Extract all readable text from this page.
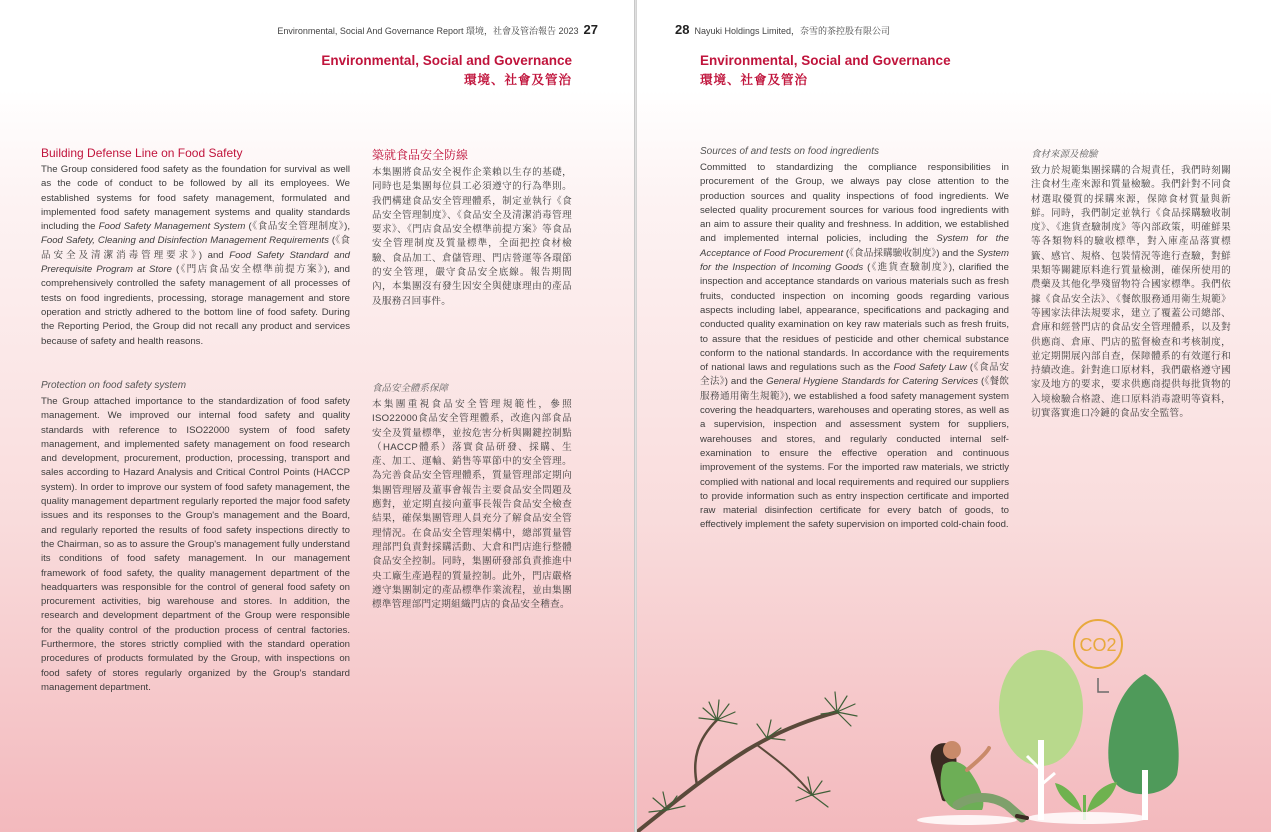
Environmental, Social And Governance Report 環境，社會及管治報告 2023 27
Environmental, Social and Governance
環境、社會及管治
Building Defense Line on Food Safety

The Group considered food safety as the foundation for survival as well as the code of conduct to be followed by all its employees. We established systems for food safety management, formulated and implemented food safety management systems and quality standards including the Food Safety Management System (《食品安全管理制度》), Food Safety, Cleaning and Disinfection Management Requirements (《食品安全及清潔消毒管理要求》) and Food Safety Standard and Prerequisite Program at Store (《門店食品安全標準前提方案》), and comprehensively controlled the safety management of all processes of tests on food ingredients, processing, storage management and store operation and strictly adhered to the bottom line of food safety. During the Reporting Period, the Group did not recall any product and services because of safety and health reasons.

築就食品安全防線

本集團將食品安全視作企業賴以生存的基礎，同時也是集團每位員工必須遵守的行為準則。我們構建食品安全管理體系，制定並執行《食品安全管理制度》、《食品安全及清潔消毒管理要求》、《門店食品安全標準前提方案》等食品安全管理制度及質量標準，全面把控食材檢驗、食品加工、倉儲管理、門店營運等各環節的安全管理，嚴守食品安全底線。報告期間內，本集團沒有發生因安全與健康理由的產品及服務召回事件。

Protection on food safety system

The Group attached importance to the standardization of food safety management. We improved our internal food safety and quality standards with reference to ISO22000 system of food safety management, and implemented safety management on food research and development, procurement, production, processing, transport and sales according to Hazard Analysis and Critical Control Points (HACCP system). In order to improve our system of food safety management, the quality management department regularly reported the major food safety issues and its responses to the Group's management and the Board, and regularly reported the results of food safety inspections directly to the Chairman, so as to assure the Group's management fully understand its conditions of food safety management. In our management framework of food safety, the quality management department of the headquarters was responsible for the control of general food safety on procurement activities, big warehouse and stores. In addition, the research and development department of the Group were responsible for the quality control of the production process of central factories. Furthermore, the stores strictly complied with the standard operation procedures of products formulated by the Group, with inspections on food safety of stores regularly organized by the Group's standard management department.

食品安全體系保障

本集團重視食品安全管理規範性，參照ISO22000食品安全管理體系，改進內部食品安全及質量標準，並按危害分析與關鍵控制點（HACCP體系）落實食品研發、採購、生產、加工、運輸、銷售等單節中的安全管理。為完善食品安全管理體系，質量管理部定期向集團管理層及董事會報告主要食品安全問題及應對，並定期直接向董事長報告食品安全檢查結果，確保集團管理人員充分了解食品安全管理情況。在食品安全管理架構中，總部質量管理部門負責對採購活動、大倉和門店進行整體食品安全控制。同時，集團研發部負責推進中央工廠生產過程的質量控制。此外，門店嚴格遵守集團制定的產品標準作業流程，並由集團標準管理部門定期組織門店的食品安全稽查。

28 Nayuki Holdings Limited，奈雪的茶控股有限公司
Environmental, Social and Governance
環境、社會及管治
Sources of and tests on food ingredients

Committed to standardizing the compliance responsibilities in procurement of the Group, we always pay close attention to the production sources and quality inspections of food ingredients. We selected quality procurement sources for various food ingredients with an aim to assure their quality and freshness. In addition, we established and implemented internal policies, including the System for the Acceptance of Food Procurement (《食品採購驗收制度》) and the System for the Inspection of Incoming Goods (《進貨查驗制度》), clarified the inspection and acceptance standards on various materials such as fresh fruits, conducted inspection on incoming goods regarding various aspects including label, appearance, specifications and packaging and conducted quality examination on key raw materials such as fresh fruits, to assure that the residues of pesticide and other chemical substance conform to the national standards. In accordance with the requirements of national laws and regulations such as the Food Safety Law (《食品安全法》) and the General Hygiene Standards for Catering Services (《餐飲服務通用衛生規範》), we established a food safety management system covering the headquarters, warehouses and operating stores, as well as a supervision, inspection and assessment system for suppliers, warehouses and stores, and regularly conducted internal self-examination to ensure the effective operation and continuous improvement of the systems. For the imported raw materials, we strictly complied with national and local requirements and required our suppliers to provide information such as entry inspection certificate and imported raw material disinfection certificate for every batch of goods, to effectively implement the safety supervision on imported cold-chain food.

食材來源及檢驗

致力於規範集團採購的合規責任，我們時刻關注食材生產來源和質量檢驗。我們針對不同食材選取優質的採購來源，保障食材質量與新鮮。同時，我們制定並執行《食品採購驗收制度》、《進貨查驗制度》等內部政策，明確鮮果等各類物料的驗收標準，對入庫產品落實標籤、感官、規格、包裝情況等進行查驗，對鮮果類等關鍵原料進行質量檢測，確保所使用的農藥及其他化學殘留物符合國家標準。我們依據《食品安全法》、《餐飲服務通用衛生規範》等國家法律法規要求，建立了覆蓋公司總部、倉庫和經營門店的食品安全管理體系，以及對供應商、倉庫、門店的監督檢查和考核制度，並定期開展內部自查，保障體系的有效運行和持續改進。針對進口原材料，我們嚴格遵守國家及地方的要求，要求供應商提供每批貨物的入境檢驗合格證、進口原料消毒證明等資料，切實落實進口冷鏈的食品安全監管。

CO2
